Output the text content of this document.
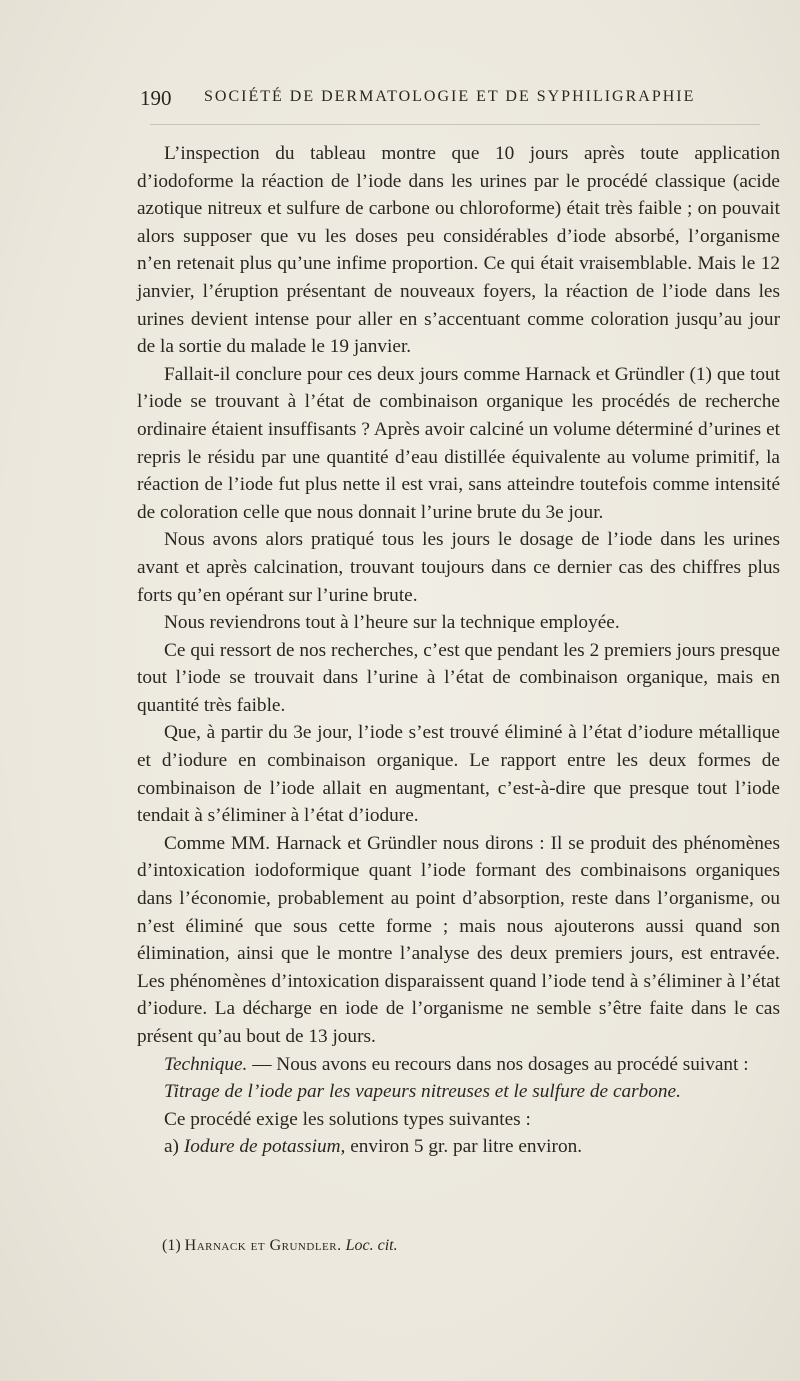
190 SOCIÉTÉ DE DERMATOLOGIE ET DE SYPHILIGRAPHIE

L’inspection du tableau montre que 10 jours après toute application d’iodoforme la réaction de l’iode dans les urines par le procédé classique (acide azotique nitreux et sulfure de carbone ou chloroforme) était très faible ; on pouvait alors supposer que vu les doses peu considérables d’iode absorbé, l’organisme n’en retenait plus qu’une infime proportion. Ce qui était vraisemblable. Mais le 12 janvier, l’éruption présentant de nouveaux foyers, la réaction de l’iode dans les urines devient intense pour aller en s’accentuant comme coloration jusqu’au jour de la sortie du malade le 19 janvier.

Fallait-il conclure pour ces deux jours comme Harnack et Gründler (1) que tout l’iode se trouvant à l’état de combinaison organique les procédés de recherche ordinaire étaient insuffisants ? Après avoir calciné un volume déterminé d’urines et repris le résidu par une quantité d’eau distillée équivalente au volume primitif, la réaction de l’iode fut plus nette il est vrai, sans atteindre toutefois comme intensité de coloration celle que nous donnait l’urine brute du 3e jour.

Nous avons alors pratiqué tous les jours le dosage de l’iode dans les urines avant et après calcination, trouvant toujours dans ce dernier cas des chiffres plus forts qu’en opérant sur l’urine brute.

Nous reviendrons tout à l’heure sur la technique employée.

Ce qui ressort de nos recherches, c’est que pendant les 2 premiers jours presque tout l’iode se trouvait dans l’urine à l’état de combinaison organique, mais en quantité très faible.

Que, à partir du 3e jour, l’iode s’est trouvé éliminé à l’état d’iodure métallique et d’iodure en combinaison organique. Le rapport entre les deux formes de combinaison de l’iode allait en augmentant, c’est-à-dire que presque tout l’iode tendait à s’éliminer à l’état d’iodure.

Comme MM. Harnack et Gründler nous dirons : Il se produit des phénomènes d’intoxication iodoformique quant l’iode formant des combinaisons organiques dans l’économie, probablement au point d’absorption, reste dans l’organisme, ou n’est éliminé que sous cette forme ; mais nous ajouterons aussi quand son élimination, ainsi que le montre l’analyse des deux premiers jours, est entravée. Les phénomènes d’intoxication disparaissent quand l’iode tend à s’éliminer à l’état d’iodure. La décharge en iode de l’organisme ne semble s’être faite dans le cas présent qu’au bout de 13 jours.

Technique. — Nous avons eu recours dans nos dosages au procédé suivant :

Titrage de l’iode par les vapeurs nitreuses et le sulfure de carbone.

Ce procédé exige les solutions types suivantes :

a) Iodure de potassium, environ 5 gr. par litre environ.

(1) Harnack et Grundler. Loc. cit.
